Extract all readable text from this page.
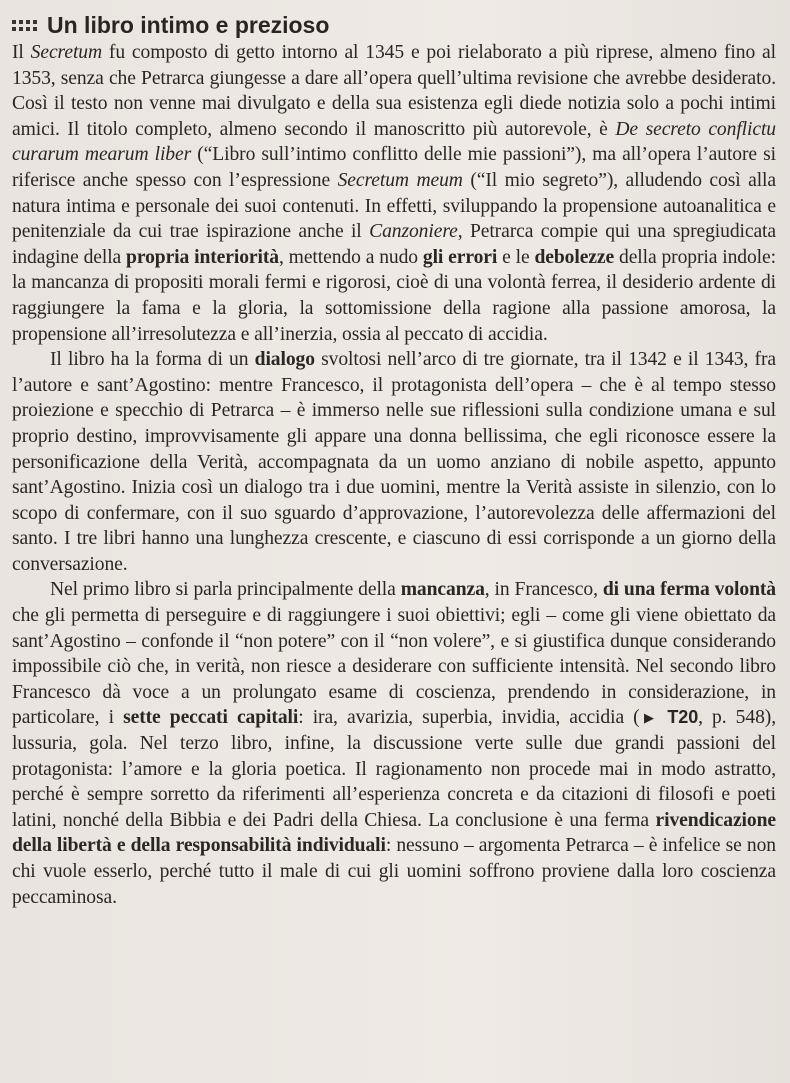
Un libro intimo e prezioso

Il Secretum fu composto di getto intorno al 1345 e poi rielaborato a più riprese, almeno fino al 1353, senza che Petrarca giungesse a dare all’opera quell’ultima revisione che avrebbe desiderato. Così il testo non venne mai divulgato e della sua esistenza egli diede notizia solo a pochi intimi amici. Il titolo completo, almeno secondo il manoscritto più autorevole, è De secreto conflictu curarum mearum liber (“Libro sull’intimo conflitto delle mie passioni”), ma all’opera l’autore si riferisce anche spesso con l’espressione Secretum meum (“Il mio segreto”), alludendo così alla natura intima e personale dei suoi contenuti. In effetti, sviluppando la propensione autoanalitica e penitenziale da cui trae ispirazione anche il Canzoniere, Petrarca compie qui una spregiudicata indagine della propria interiorità, mettendo a nudo gli errori e le debolezze della propria indole: la mancanza di propositi morali fermi e rigorosi, cioè di una volontà ferrea, il desiderio ardente di raggiungere la fama e la gloria, la sottomissione della ragione alla passione amorosa, la propensione all’irresolutezza e all’inerzia, ossia al peccato di accidia.

Il libro ha la forma di un dialogo svoltosi nell’arco di tre giornate, tra il 1342 e il 1343, fra l’autore e sant’Agostino: mentre Francesco, il protagonista dell’opera – che è al tempo stesso proiezione e specchio di Petrarca – è immerso nelle sue riflessioni sulla condizione umana e sul proprio destino, improvvisamente gli appare una donna bellissima, che egli riconosce essere la personificazione della Verità, accompagnata da un uomo anziano di nobile aspetto, appunto sant’Agostino. Inizia così un dialogo tra i due uomini, mentre la Verità assiste in silenzio, con lo scopo di confermare, con il suo sguardo d’approvazione, l’autorevolezza delle affermazioni del santo. I tre libri hanno una lunghezza crescente, e ciascuno di essi corrisponde a un giorno della conversazione.

Nel primo libro si parla principalmente della mancanza, in Francesco, di una ferma volontà che gli permetta di perseguire e di raggiungere i suoi obiettivi; egli – come gli viene obiettato da sant’Agostino – confonde il “non potere” con il “non volere”, e si giustifica dunque considerando impossibile ciò che, in verità, non riesce a desiderare con sufficiente intensità. Nel secondo libro Francesco dà voce a un prolungato esame di coscienza, prendendo in considerazione, in particolare, i sette peccati capitali: ira, avarizia, superbia, invidia, accidia (▶ T20, p. 548), lussuria, gola. Nel terzo libro, infine, la discussione verte sulle due grandi passioni del protagonista: l’amore e la gloria poetica. Il ragionamento non procede mai in modo astratto, perché è sempre sorretto da riferimenti all’esperienza concreta e da citazioni di filosofi e poeti latini, nonché della Bibbia e dei Padri della Chiesa. La conclusione è una ferma rivendicazione della libertà e della responsabilità individuali: nessuno – argomenta Petrarca – è infelice se non chi vuole esserlo, perché tutto il male di cui gli uomini soffrono proviene dalla loro coscienza peccaminosa.
